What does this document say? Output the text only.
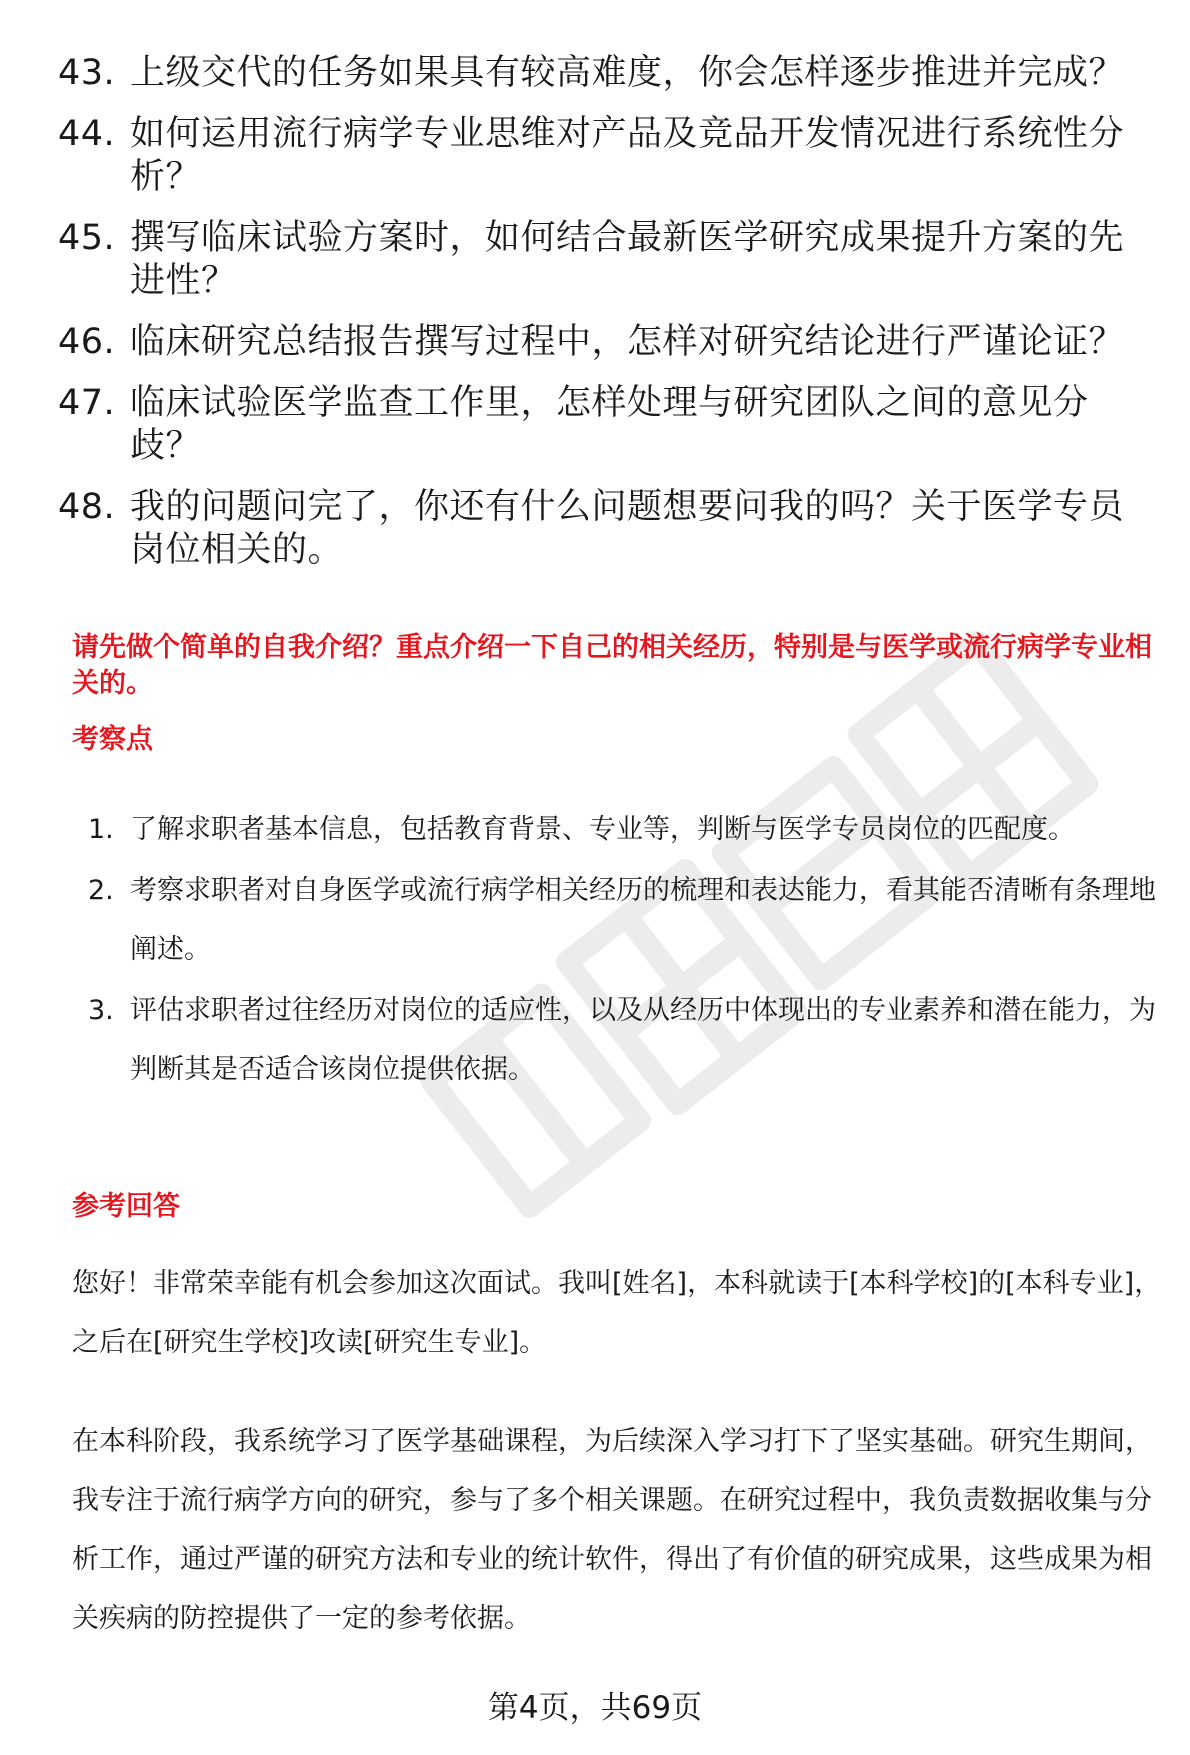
43. 上级交代的任务如果具有较高难度，你会怎样逐步推进并完成？
44. 如何运用流行病学专业思维对产品及竞品开发情况进行系统性分析？
45. 撰写临床试验方案时，如何结合最新医学研究成果提升方案的先进性？
46. 临床研究总结报告撰写过程中，怎样对研究结论进行严谨论证？
47. 临床试验医学监查工作里，怎样处理与研究团队之间的意见分歧？
48. 我的问题问完了，你还有什么问题想要问我的吗？关于医学专员岗位相关的。
请先做个简单的自我介绍？重点介绍一下自己的相关经历，特别是与医学或流行病学专业相关的。
考察点
1. 了解求职者基本信息，包括教育背景、专业等，判断与医学专员岗位的匹配度。
2. 考察求职者对自身医学或流行病学相关经历的梳理和表达能力，看其能否清晰有条理地阐述。
3. 评估求职者过往经历对岗位的适应性，以及从经历中体现出的专业素养和潜在能力，为判断其是否适合该岗位提供依据。
参考回答

您好！非常荣幸能有机会参加这次面试。我叫[姓名]，本科就读于[本科学校]的[本科专业]，之后在[研究生学校]攻读[研究生专业]。

在本科阶段，我系统学习了医学基础课程，为后续深入学习打下了坚实基础。研究生期间，我专注于流行病学方向的研究，参与了多个相关课题。在研究过程中，我负责数据收集与分析工作，通过严谨的研究方法和专业的统计软件，得出了有价值的研究成果，这些成果为相关疾病的防控提供了一定的参考依据。

第4页，共69页
